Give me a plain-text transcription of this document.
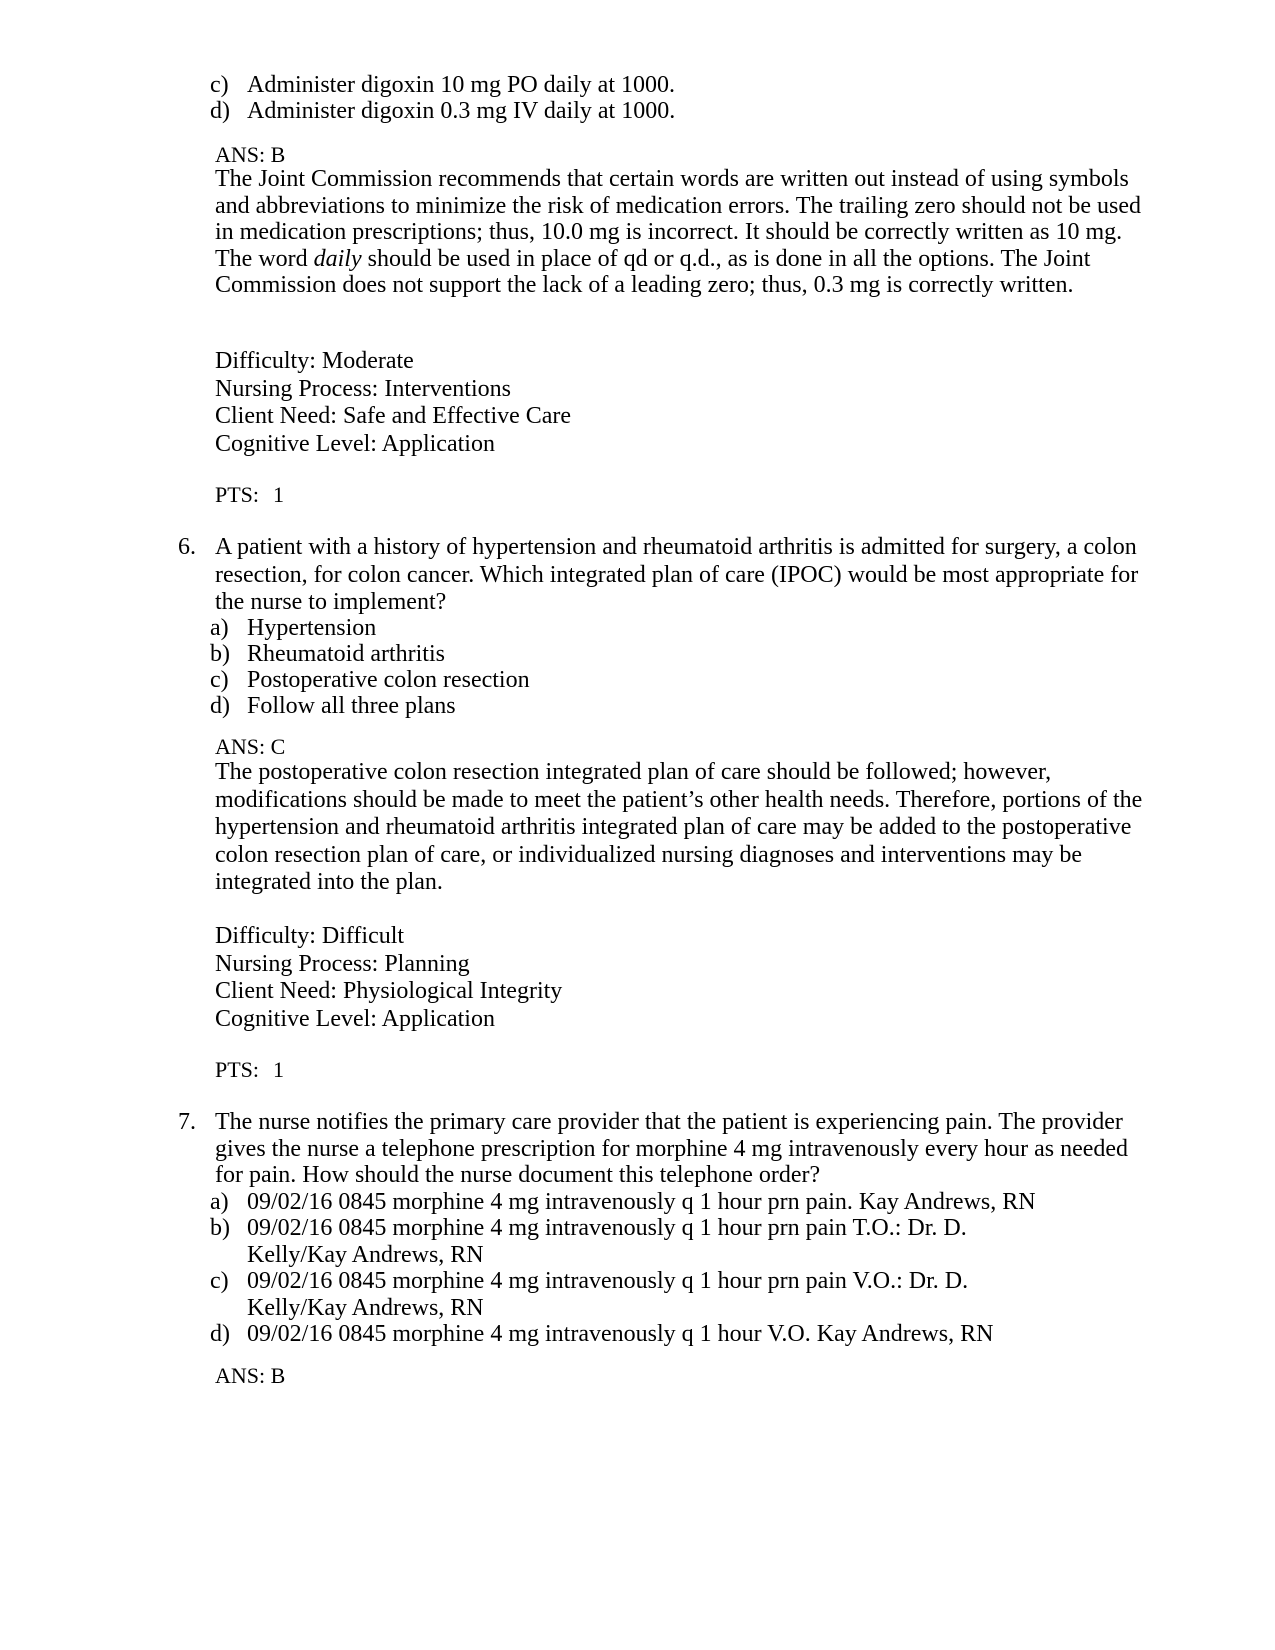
c) Administer digoxin 10 mg PO daily at 1000.
d) Administer digoxin 0.3 mg IV daily at 1000.
ANS: B
The Joint Commission recommends that certain words are written out instead of using symbols and abbreviations to minimize the risk of medication errors. The trailing zero should not be used in medication prescriptions; thus, 10.0 mg is incorrect. It should be correctly written as 10 mg. The word daily should be used in place of qd or q.d., as is done in all the options. The Joint Commission does not support the lack of a leading zero; thus, 0.3 mg is correctly written.
Difficulty: Moderate
Nursing Process: Interventions
Client Need: Safe and Effective Care
Cognitive Level: Application
PTS: 1
6. A patient with a history of hypertension and rheumatoid arthritis is admitted for surgery, a colon resection, for colon cancer. Which integrated plan of care (IPOC) would be most appropriate for the nurse to implement?
a) Hypertension
b) Rheumatoid arthritis
c) Postoperative colon resection
d) Follow all three plans
ANS: C
The postoperative colon resection integrated plan of care should be followed; however, modifications should be made to meet the patient’s other health needs. Therefore, portions of the hypertension and rheumatoid arthritis integrated plan of care may be added to the postoperative colon resection plan of care, or individualized nursing diagnoses and interventions may be integrated into the plan.
Difficulty: Difficult
Nursing Process: Planning
Client Need: Physiological Integrity
Cognitive Level: Application
PTS: 1
7. The nurse notifies the primary care provider that the patient is experiencing pain. The provider gives the nurse a telephone prescription for morphine 4 mg intravenously every hour as needed for pain. How should the nurse document this telephone order?
a) 09/02/16 0845 morphine 4 mg intravenously q 1 hour prn pain. Kay Andrews, RN
b) 09/02/16 0845 morphine 4 mg intravenously q 1 hour prn pain T.O.: Dr. D. Kelly/Kay Andrews, RN
c) 09/02/16 0845 morphine 4 mg intravenously q 1 hour prn pain V.O.: Dr. D. Kelly/Kay Andrews, RN
d) 09/02/16 0845 morphine 4 mg intravenously q 1 hour V.O. Kay Andrews, RN
ANS: B
